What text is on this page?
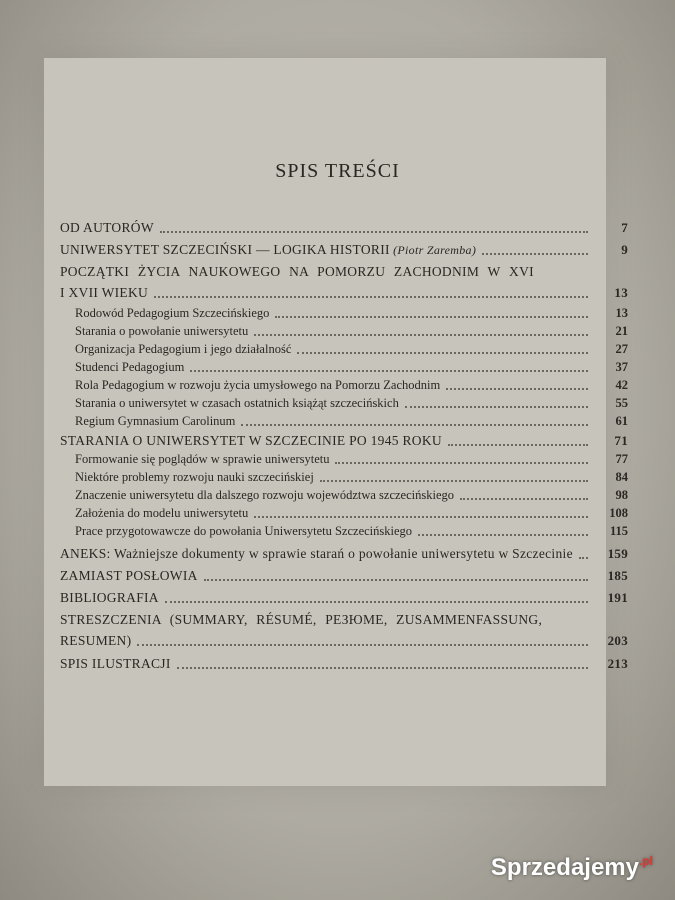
SPIS TREŚCI
OD AUTORÓW	7
UNIWERSYTET SZCZECIŃSKI — LOGIKA HISTORII (Piotr Zaremba)	9
POCZĄTKI ŻYCIA NAUKOWEGO NA POMORZU ZACHODNIM W XVI
I XVII WIEKU	13
Rodowód Pedagogium Szczecińskiego	13
Starania o powołanie uniwersytetu	21
Organizacja Pedagogium i jego działalność	27
Studenci Pedagogium	37
Rola Pedagogium w rozwoju życia umysłowego na Pomorzu Zachodnim	42
Starania o uniwersytet w czasach ostatnich książąt szczecińskich	55
Regium Gymnasium Carolinum	61
STARANIA O UNIWERSYTET W SZCZECINIE PO 1945 ROKU	71
Formowanie się poglądów w sprawie uniwersytetu	77
Niektóre problemy rozwoju nauki szczecińskiej	84
Znaczenie uniwersytetu dla dalszego rozwoju województwa szczecińskiego	98
Założenia do modelu uniwersytetu	108
Prace przygotowawcze do powołania Uniwersytetu Szczecińskiego	115
ANEKS: Ważniejsze dokumenty w sprawie starań o powołanie uniwersytetu w Szczecinie	159
ZAMIAST POSŁOWIA	185
BIBLIOGRAFIA	191
STRESZCZENIA (SUMMARY, RÉSUMÉ, РЕЗЮМЕ, ZUSAMMENFASSUNG,
RESUMEN)	203
SPIS ILUSTRACJI	213
Sprzedajemy$^{.pl}$
